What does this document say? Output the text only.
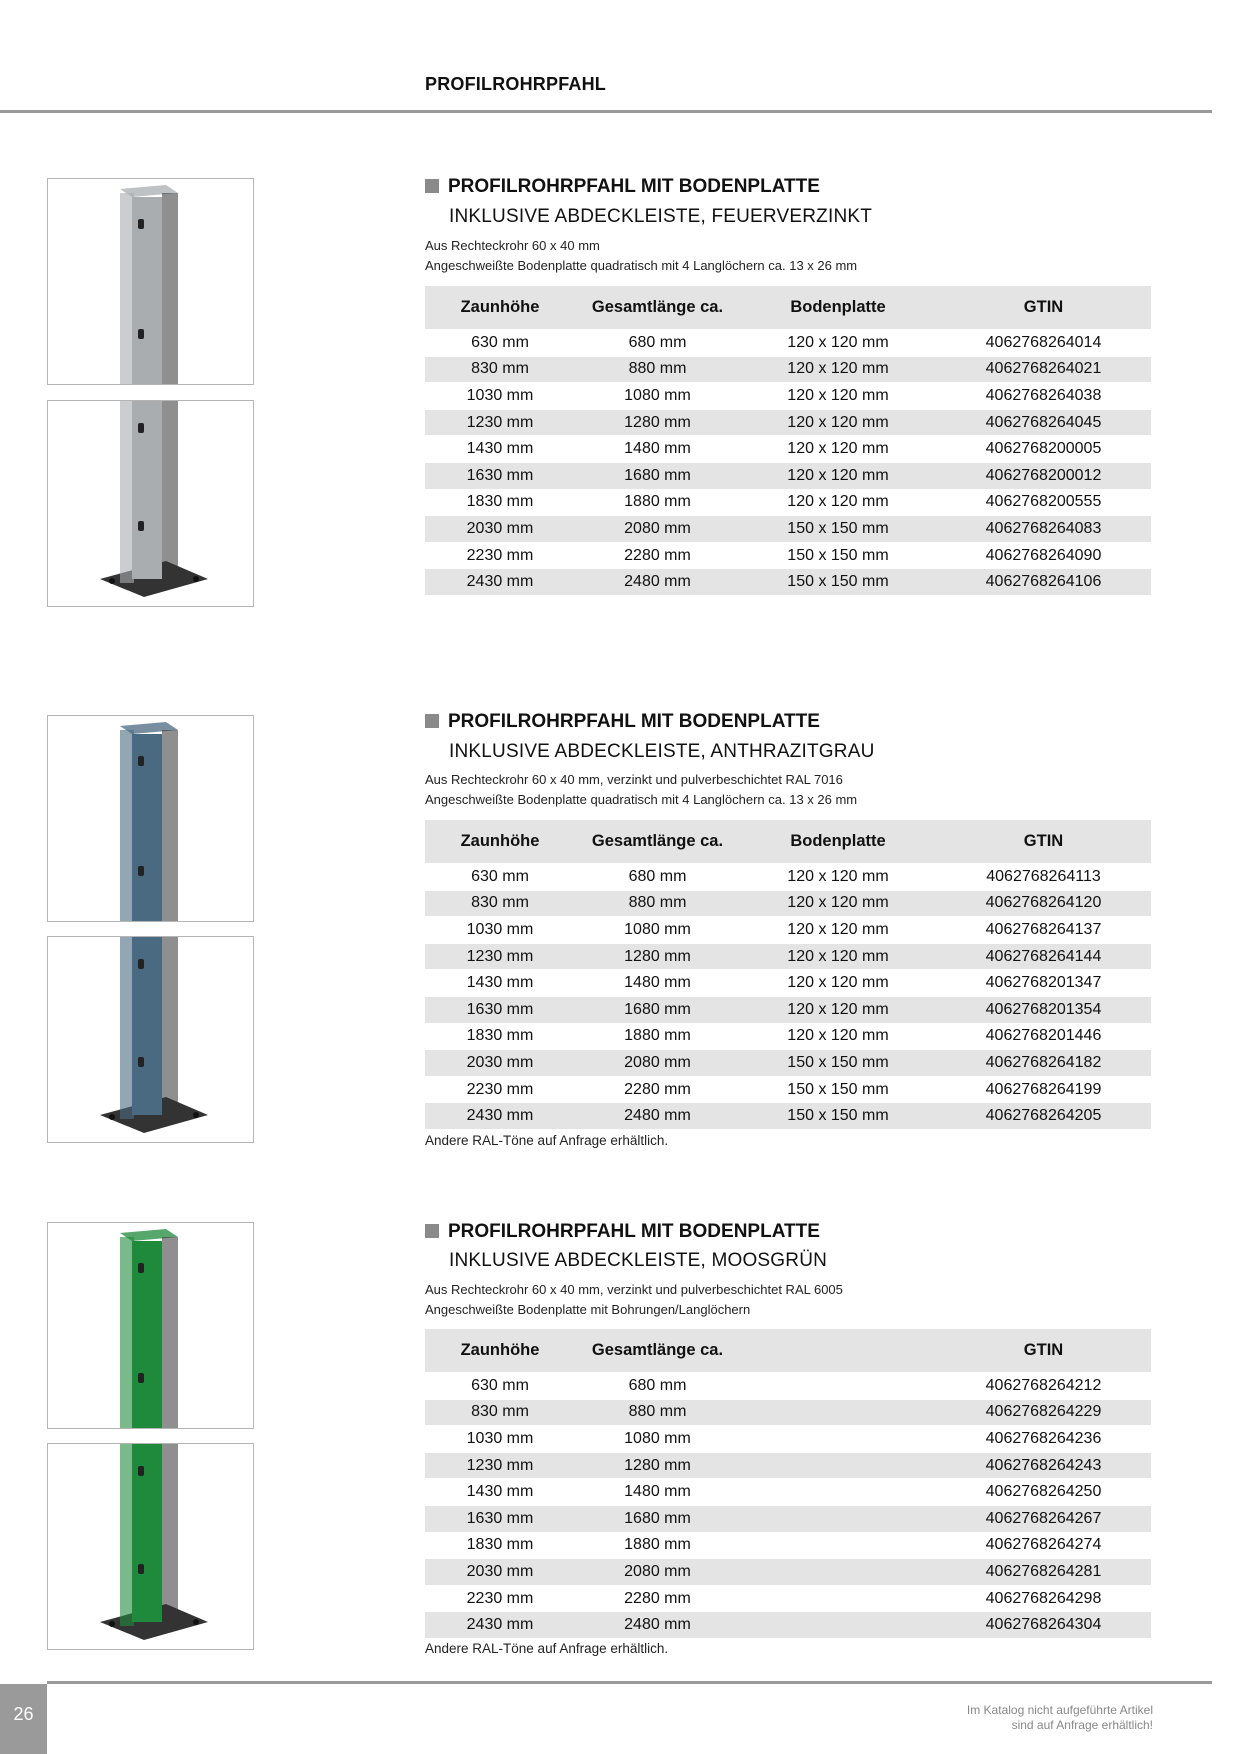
PROFILROHRPFAHL
PROFILROHRPFAHL MIT BODENPLATTE
INKLUSIVE ABDECKLEISTE, FEUERVERZINKT
Aus Rechteckrohr 60 x 40 mm
Angeschweißte Bodenplatte quadratisch mit 4 Langlöchern ca. 13 x 26 mm
Zaunhöhe	Gesamtlänge ca.	Bodenplatte	GTIN
630 mm	680 mm	120 x 120 mm	4062768264014
830 mm	880 mm	120 x 120 mm	4062768264021
1030 mm	1080 mm	120 x 120 mm	4062768264038
1230 mm	1280 mm	120 x 120 mm	4062768264045
1430 mm	1480 mm	120 x 120 mm	4062768200005
1630 mm	1680 mm	120 x 120 mm	4062768200012
1830 mm	1880 mm	120 x 120 mm	4062768200555
2030 mm	2080 mm	150 x 150 mm	4062768264083
2230 mm	2280 mm	150 x 150 mm	4062768264090
2430 mm	2480 mm	150 x 150 mm	4062768264106
PROFILROHRPFAHL MIT BODENPLATTE
INKLUSIVE ABDECKLEISTE, ANTHRAZITGRAU
Aus Rechteckrohr 60 x 40 mm, verzinkt und pulverbeschichtet RAL 7016
Angeschweißte Bodenplatte quadratisch mit 4 Langlöchern ca. 13 x 26 mm
Zaunhöhe	Gesamtlänge ca.	Bodenplatte	GTIN
630 mm	680 mm	120 x 120 mm	4062768264113
830 mm	880 mm	120 x 120 mm	4062768264120
1030 mm	1080 mm	120 x 120 mm	4062768264137
1230 mm	1280 mm	120 x 120 mm	4062768264144
1430 mm	1480 mm	120 x 120 mm	4062768201347
1630 mm	1680 mm	120 x 120 mm	4062768201354
1830 mm	1880 mm	120 x 120 mm	4062768201446
2030 mm	2080 mm	150 x 150 mm	4062768264182
2230 mm	2280 mm	150 x 150 mm	4062768264199
2430 mm	2480 mm	150 x 150 mm	4062768264205
Andere RAL-Töne auf Anfrage erhältlich.
PROFILROHRPFAHL MIT BODENPLATTE
INKLUSIVE ABDECKLEISTE, MOOSGRÜN
Aus Rechteckrohr 60 x 40 mm, verzinkt und pulverbeschichtet RAL 6005
Angeschweißte Bodenplatte mit Bohrungen/Langlöchern
Zaunhöhe	Gesamtlänge ca.		GTIN
630 mm	680 mm		4062768264212
830 mm	880 mm		4062768264229
1030 mm	1080 mm		4062768264236
1230 mm	1280 mm		4062768264243
1430 mm	1480 mm		4062768264250
1630 mm	1680 mm		4062768264267
1830 mm	1880 mm		4062768264274
2030 mm	2080 mm		4062768264281
2230 mm	2280 mm		4062768264298
2430 mm	2480 mm		4062768264304
Andere RAL-Töne auf Anfrage erhältlich.
26	Im Katalog nicht aufgeführte Artikel
sind auf Anfrage erhältlich!
